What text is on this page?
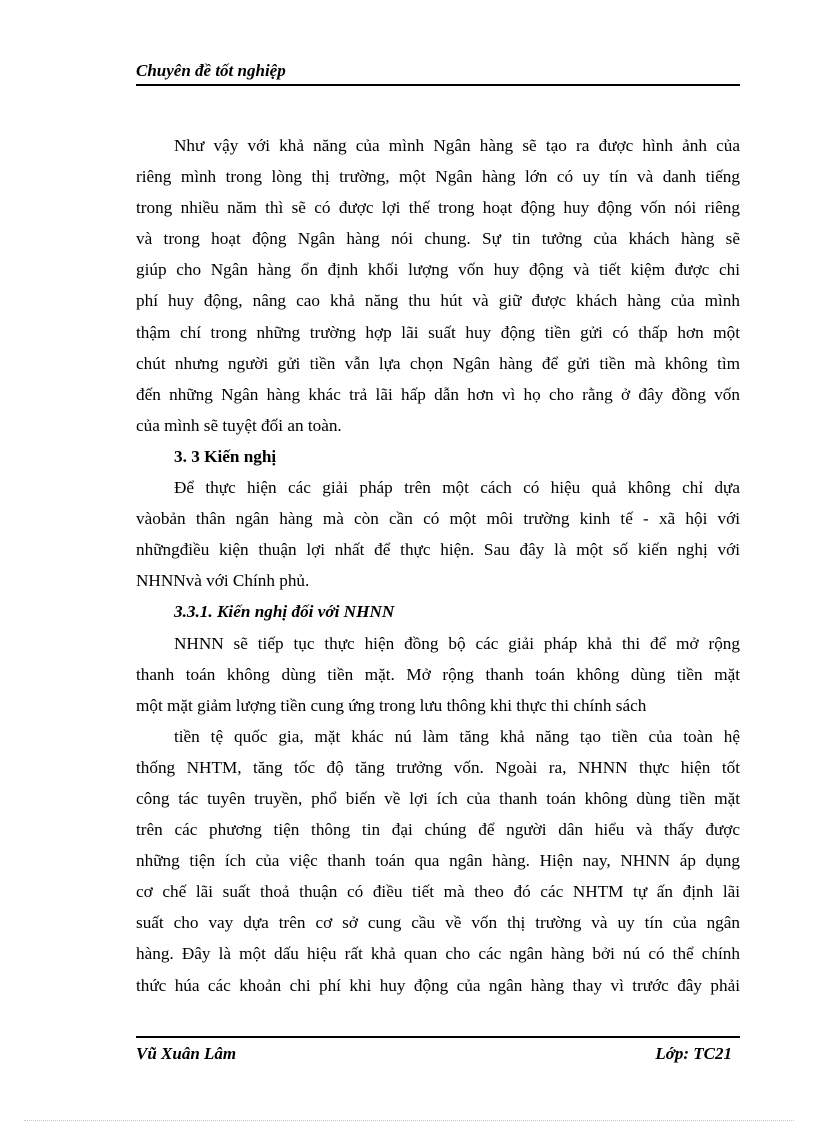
Chuyên đề tốt nghiệp
Như vậy với khả năng của mình Ngân hàng sẽ tạo ra được hình ảnh của
riêng mình trong lòng thị trường, một Ngân hàng lớn có uy tín và danh tiếng
trong nhiều năm thì sẽ có được lợi thế trong hoạt động huy động vốn nói riêng
và trong hoạt động Ngân hàng nói chung. Sự tin tưởng của khách hàng sẽ
giúp cho Ngân hàng ổn định khối lượng vốn huy động và tiết kiệm được chi
phí huy động, nâng cao khả năng thu hút và giữ được khách hàng của mình
thậm chí trong những trường hợp lãi suất huy động tiền gửi có thấp hơn một
chút nhưng người gửi tiền vẫn lựa chọn Ngân hàng để gửi tiền mà không tìm
đến những Ngân hàng khác trả lãi hấp dẫn hơn vì họ cho rằng ở đây đồng vốn
của mình sẽ tuyệt đối an toàn.
3. 3 Kiến nghị
Để thực hiện các giải pháp trên một cách có hiệu quả không chỉ dựa
vàobản thân ngân hàng mà còn cần có một môi trường kinh tế - xã hội với
nhữngđiều kiện thuận lợi nhất để thực hiện. Sau đây là một số kiến nghị với
NHNNvà với Chính phủ.
3.3.1. Kiến nghị đối với NHNN
NHNN sẽ tiếp tục thực hiện đồng bộ các giải pháp khả thi để mở rộng
thanh toán không dùng tiền mặt. Mở rộng thanh toán không dùng tiền mặt
một mặt giảm lượng tiền cung ứng trong lưu thông khi thực thi chính sách
tiền tệ quốc gia, mặt khác nú làm tăng khả năng tạo tiền của toàn hệ
thống NHTM, tăng tốc độ tăng trưởng vốn. Ngoài ra, NHNN thực hiện tốt
công tác tuyên truyền, phổ biến về lợi ích của thanh toán không dùng tiền mặt
trên các phương tiện thông tin đại chúng để người dân hiểu và thấy được
những tiện ích của việc thanh toán qua ngân hàng. Hiện nay, NHNN áp dụng
cơ chế lãi suất thoả thuận có điều tiết mà theo đó các NHTM tự ấn định lãi
suất cho vay dựa trên cơ sở cung cầu về vốn thị trường và uy tín của ngân
hàng. Đây là một dấu hiệu rất khả quan cho các ngân hàng bởi nú có thể chính
thức húa các khoản chi phí khi huy động của ngân hàng thay vì trước đây phải
Vũ Xuân Lâm	Lớp: TC21
